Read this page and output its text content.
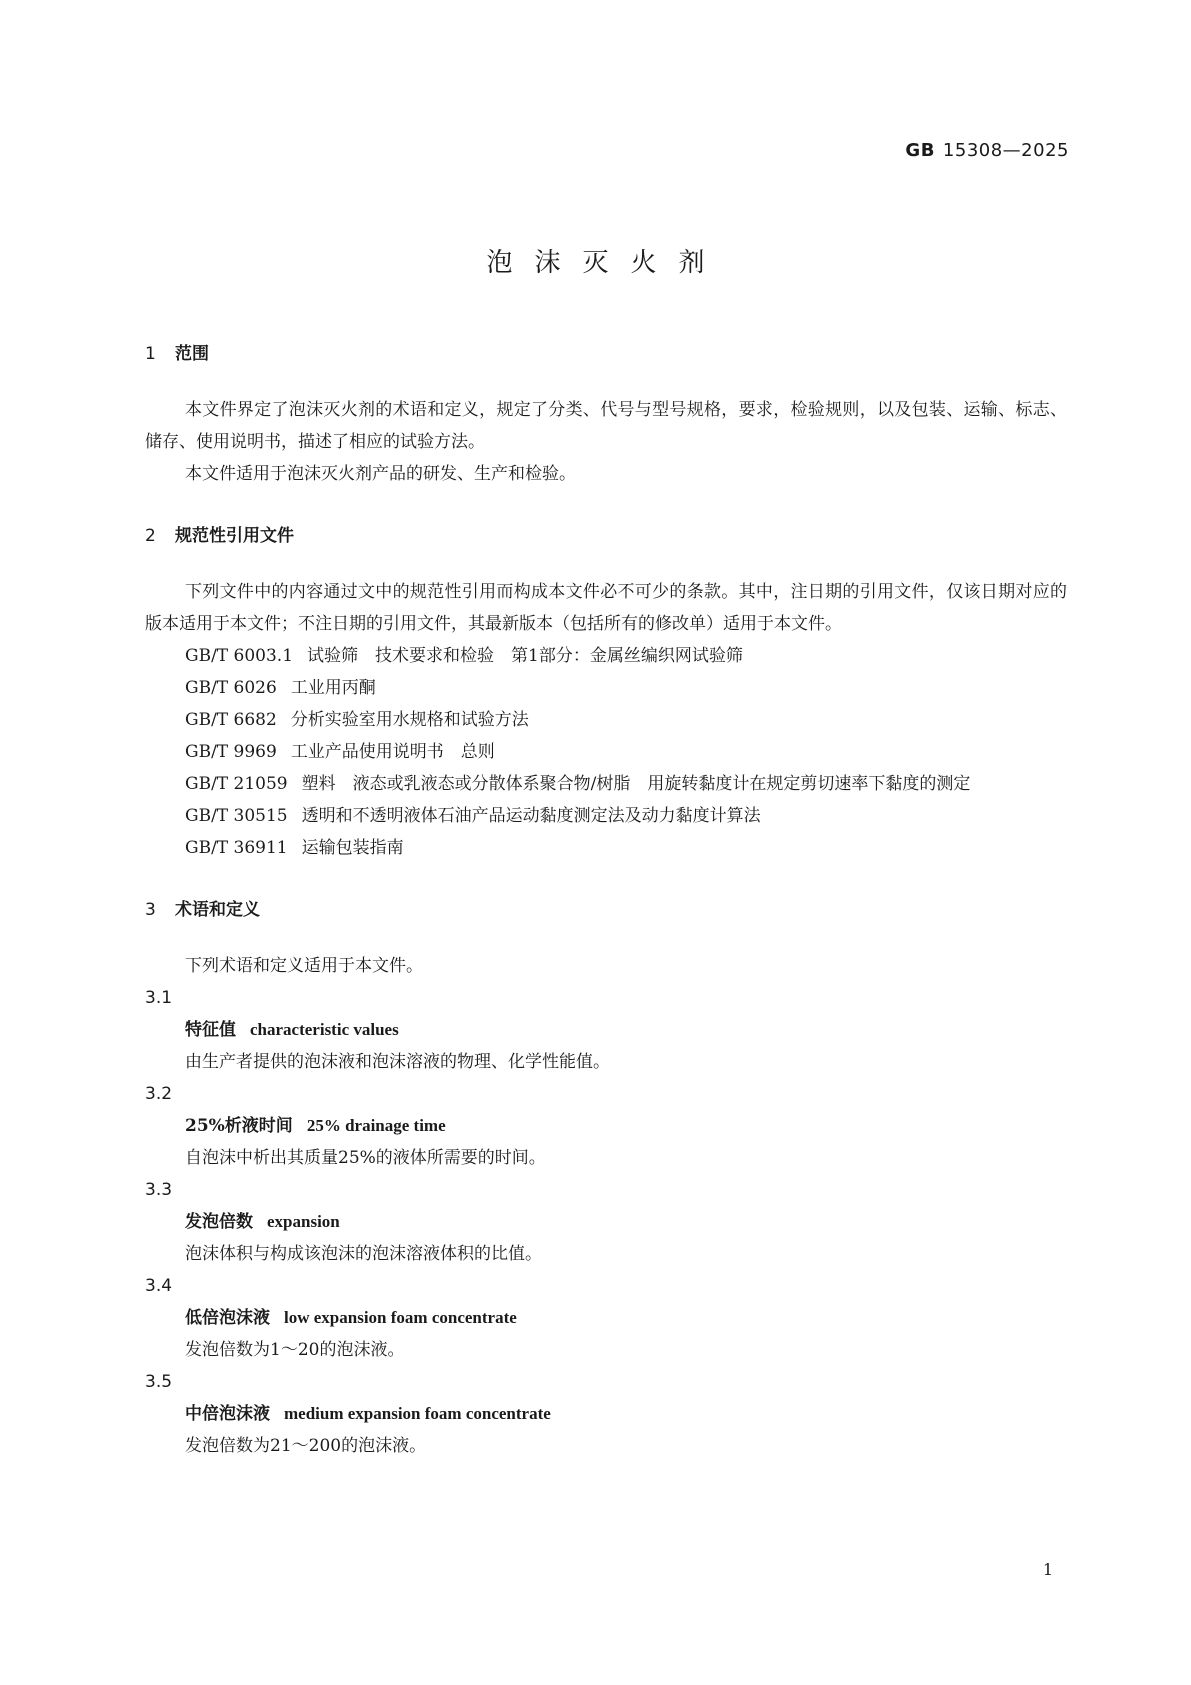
GB 15308—2025
泡沫灭火剂
1 范围

本文件界定了泡沫灭火剂的术语和定义，规定了分类、代号与型号规格，要求，检验规则，以及包装、运输、标志、储存、使用说明书，描述了相应的试验方法。

本文件适用于泡沫灭火剂产品的研发、生产和检验。

2 规范性引用文件

下列文件中的内容通过文中的规范性引用而构成本文件必不可少的条款。其中，注日期的引用文件，仅该日期对应的版本适用于本文件；不注日期的引用文件，其最新版本（包括所有的修改单）适用于本文件。

GB/T 6003.1 试验筛　技术要求和检验　第1部分：金属丝编织网试验筛

GB/T 6026 工业用丙酮

GB/T 6682 分析实验室用水规格和试验方法

GB/T 9969 工业产品使用说明书　总则

GB/T 21059 塑料　液态或乳液态或分散体系聚合物/树脂　用旋转黏度计在规定剪切速率下黏度的测定

GB/T 30515 透明和不透明液体石油产品运动黏度测定法及动力黏度计算法

GB/T 36911 运输包装指南

3 术语和定义

下列术语和定义适用于本文件。

3.1

特征值 characteristic values

由生产者提供的泡沫液和泡沫溶液的物理、化学性能值。

3.2

25%析液时间 25% drainage time

自泡沫中析出其质量25%的液体所需要的时间。

3.3

发泡倍数 expansion

泡沫体积与构成该泡沫的泡沫溶液体积的比值。

3.4

低倍泡沫液 low expansion foam concentrate

发泡倍数为1～20的泡沫液。

3.5

中倍泡沫液 medium expansion foam concentrate

发泡倍数为21～200的泡沫液。

1
